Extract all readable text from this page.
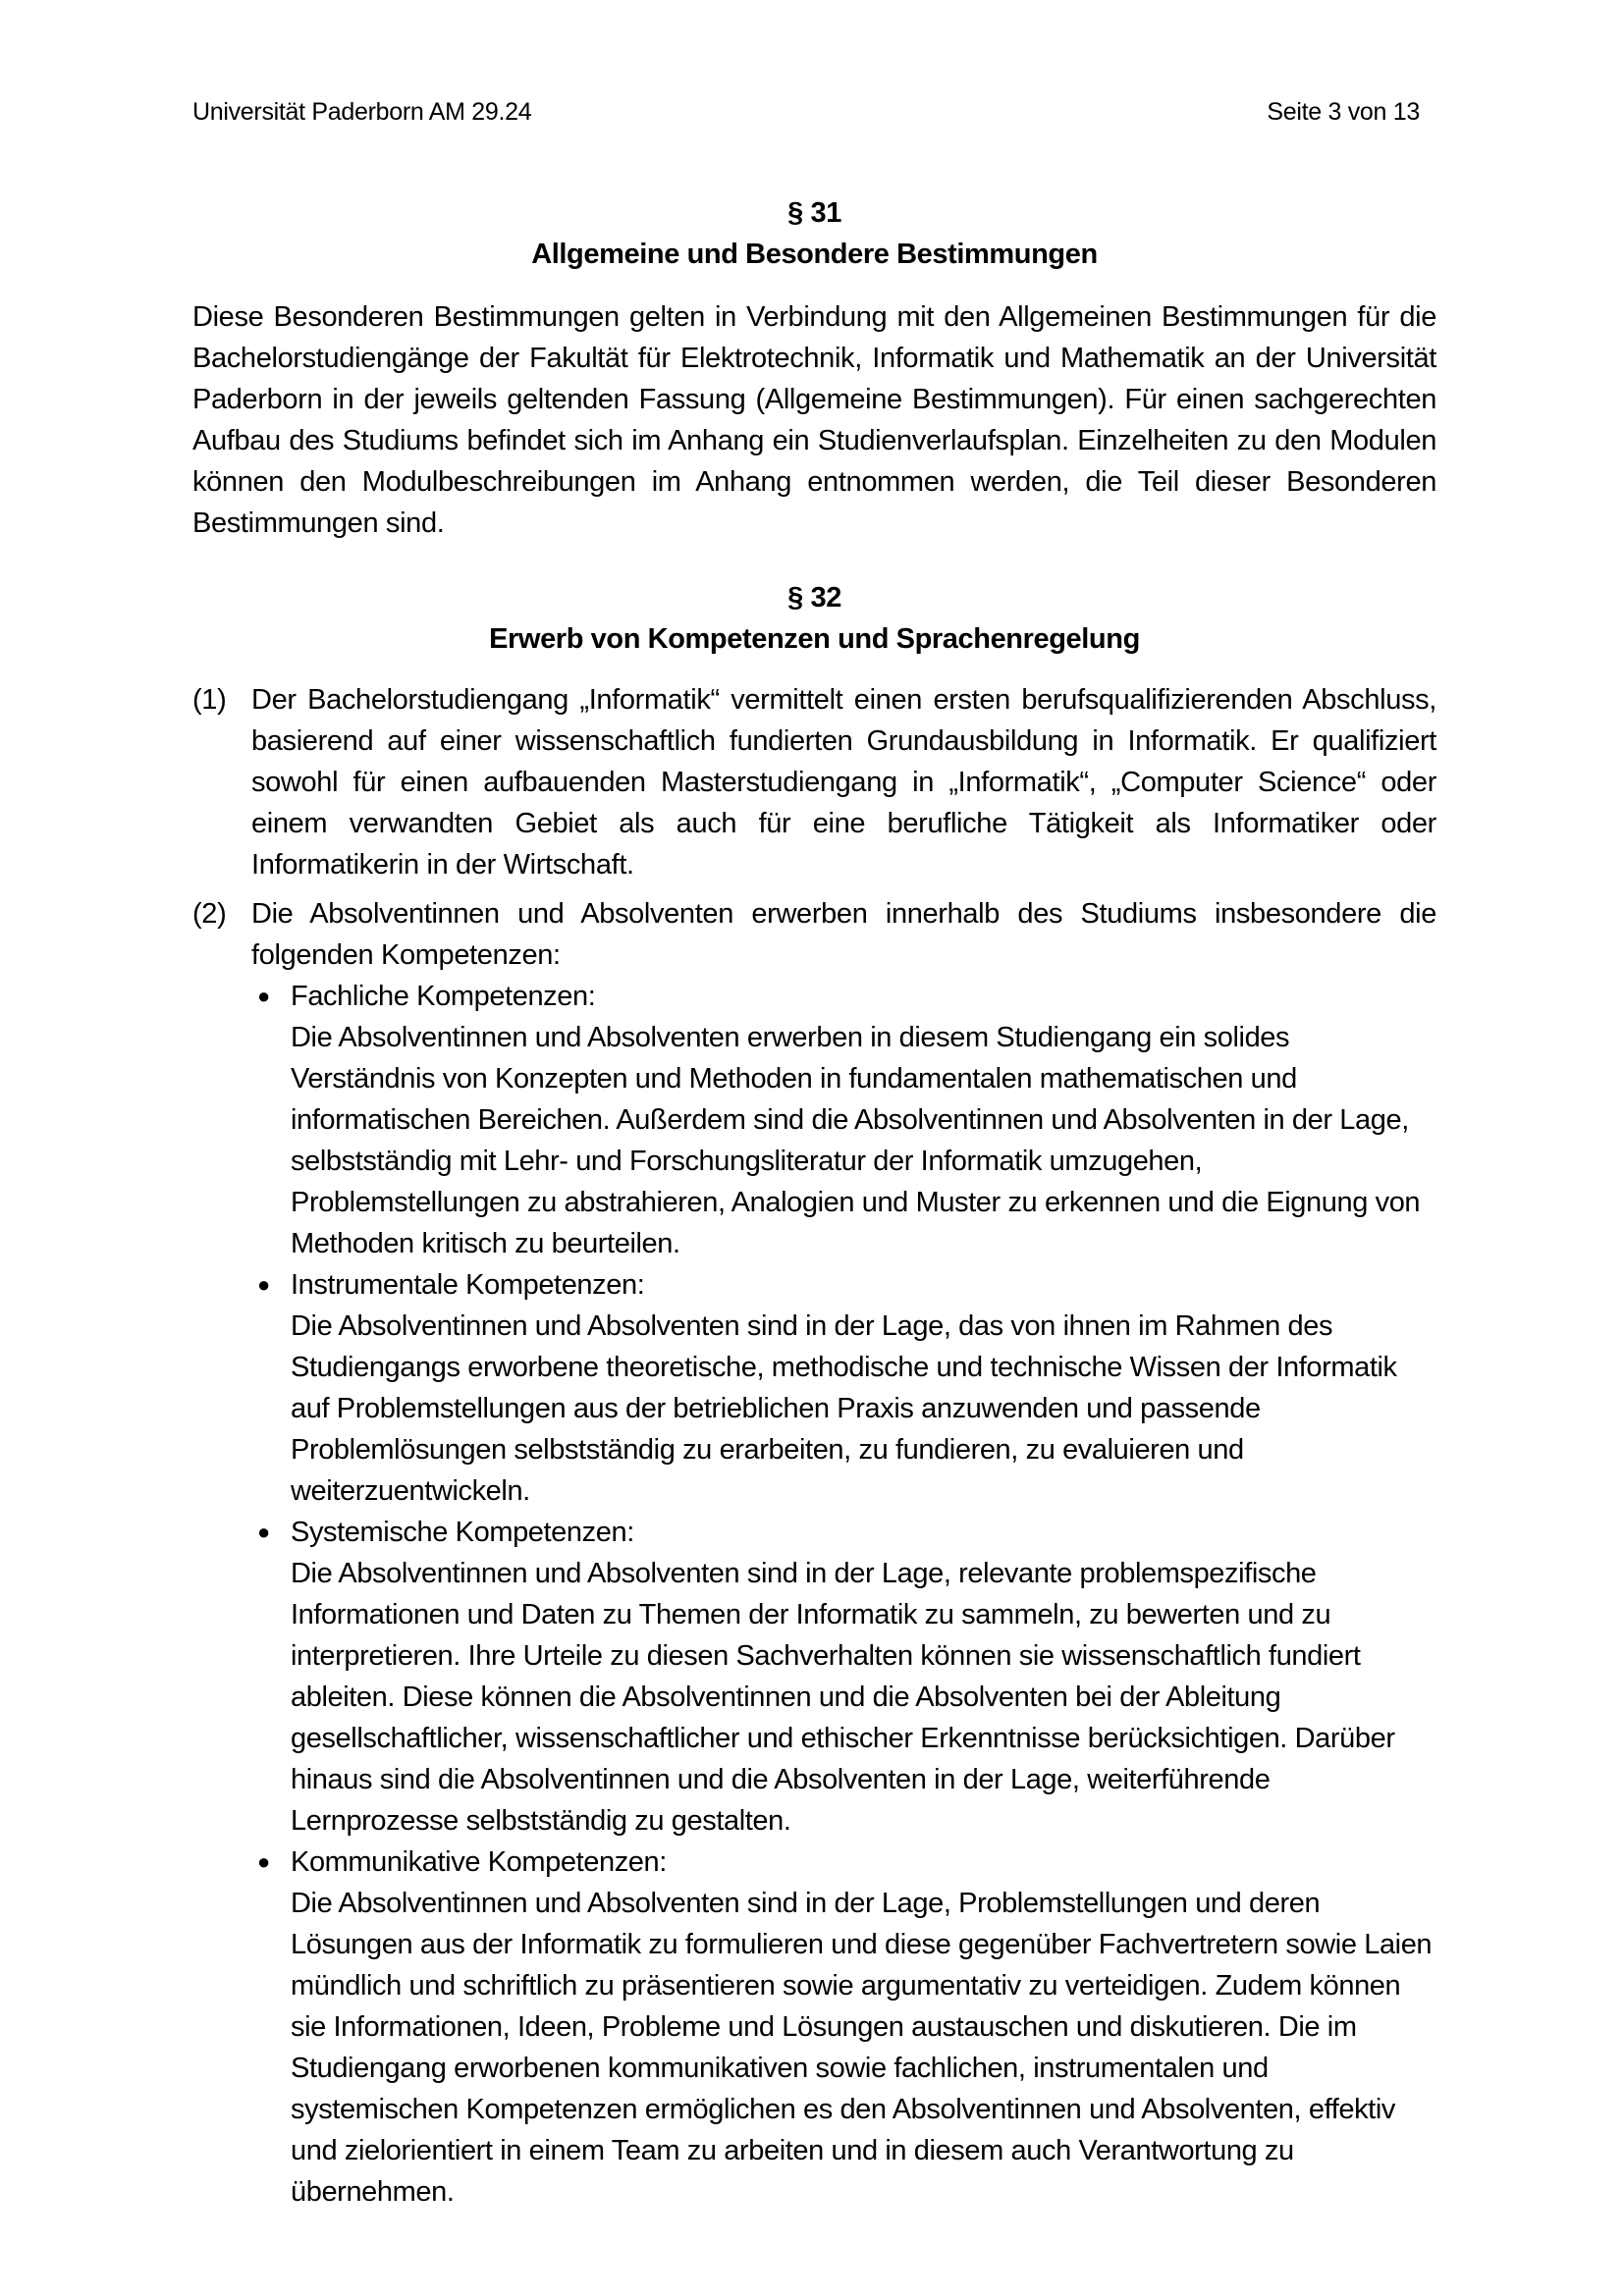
Universität Paderborn AM 29.24	Seite 3 von 13
§ 31
Allgemeine und Besondere Bestimmungen

Diese Besonderen Bestimmungen gelten in Verbindung mit den Allgemeinen Bestimmungen für die Bachelorstudiengänge der Fakultät für Elektrotechnik, Informatik und Mathematik an der Universität Paderborn in der jeweils geltenden Fassung (Allgemeine Bestimmungen). Für einen sachgerechten Aufbau des Studiums befindet sich im Anhang ein Studienverlaufsplan. Einzelheiten zu den Modulen können den Modulbeschreibungen im Anhang entnommen werden, die Teil dieser Besonderen Bestimmungen sind.

§ 32
Erwerb von Kompetenzen und Sprachenregelung
(1) Der Bachelorstudiengang „Informatik“ vermittelt einen ersten berufsqualifizierenden Abschluss, basierend auf einer wissenschaftlich fundierten Grundausbildung in Informatik. Er qualifiziert sowohl für einen aufbauenden Masterstudiengang in „Informatik“, „Computer Science“ oder einem verwandten Gebiet als auch für eine berufliche Tätigkeit als Informatiker oder Informatikerin in der Wirtschaft.
(2) Die Absolventinnen und Absolventen erwerben innerhalb des Studiums insbesondere die folgenden Kompetenzen:
● Fachliche Kompetenzen:
Die Absolventinnen und Absolventen erwerben in diesem Studiengang ein solides Verständnis von Konzepten und Methoden in fundamentalen mathematischen und informatischen Bereichen. Außerdem sind die Absolventinnen und Absolventen in der Lage, selbstständig mit Lehr- und Forschungsliteratur der Informatik umzugehen, Problemstellungen zu abstrahieren, Analogien und Muster zu erkennen und die Eignung von Methoden kritisch zu beurteilen.
● Instrumentale Kompetenzen:
Die Absolventinnen und Absolventen sind in der Lage, das von ihnen im Rahmen des Studiengangs erworbene theoretische, methodische und technische Wissen der Informatik auf Problemstellungen aus der betrieblichen Praxis anzuwenden und passende Problemlösungen selbstständig zu erarbeiten, zu fundieren, zu evaluieren und weiterzuentwickeln.
● Systemische Kompetenzen:
Die Absolventinnen und Absolventen sind in der Lage, relevante problemspezifische Informationen und Daten zu Themen der Informatik zu sammeln, zu bewerten und zu interpretieren. Ihre Urteile zu diesen Sachverhalten können sie wissenschaftlich fundiert ableiten. Diese können die Absolventinnen und die Absolventen bei der Ableitung gesellschaftlicher, wissenschaftlicher und ethischer Erkenntnisse berücksichtigen. Darüber hinaus sind die Absolventinnen und die Absolventen in der Lage, weiterführende Lernprozesse selbstständig zu gestalten.
● Kommunikative Kompetenzen:
Die Absolventinnen und Absolventen sind in der Lage, Problemstellungen und deren Lösungen aus der Informatik zu formulieren und diese gegenüber Fachvertretern sowie Laien mündlich und schriftlich zu präsentieren sowie argumentativ zu verteidigen. Zudem können sie Informationen, Ideen, Probleme und Lösungen austauschen und diskutieren. Die im Studiengang erworbenen kommunikativen sowie fachlichen, instrumentalen und systemischen Kompetenzen ermöglichen es den Absolventinnen und Absolventen, effektiv und zielorientiert in einem Team zu arbeiten und in diesem auch Verantwortung zu übernehmen.
